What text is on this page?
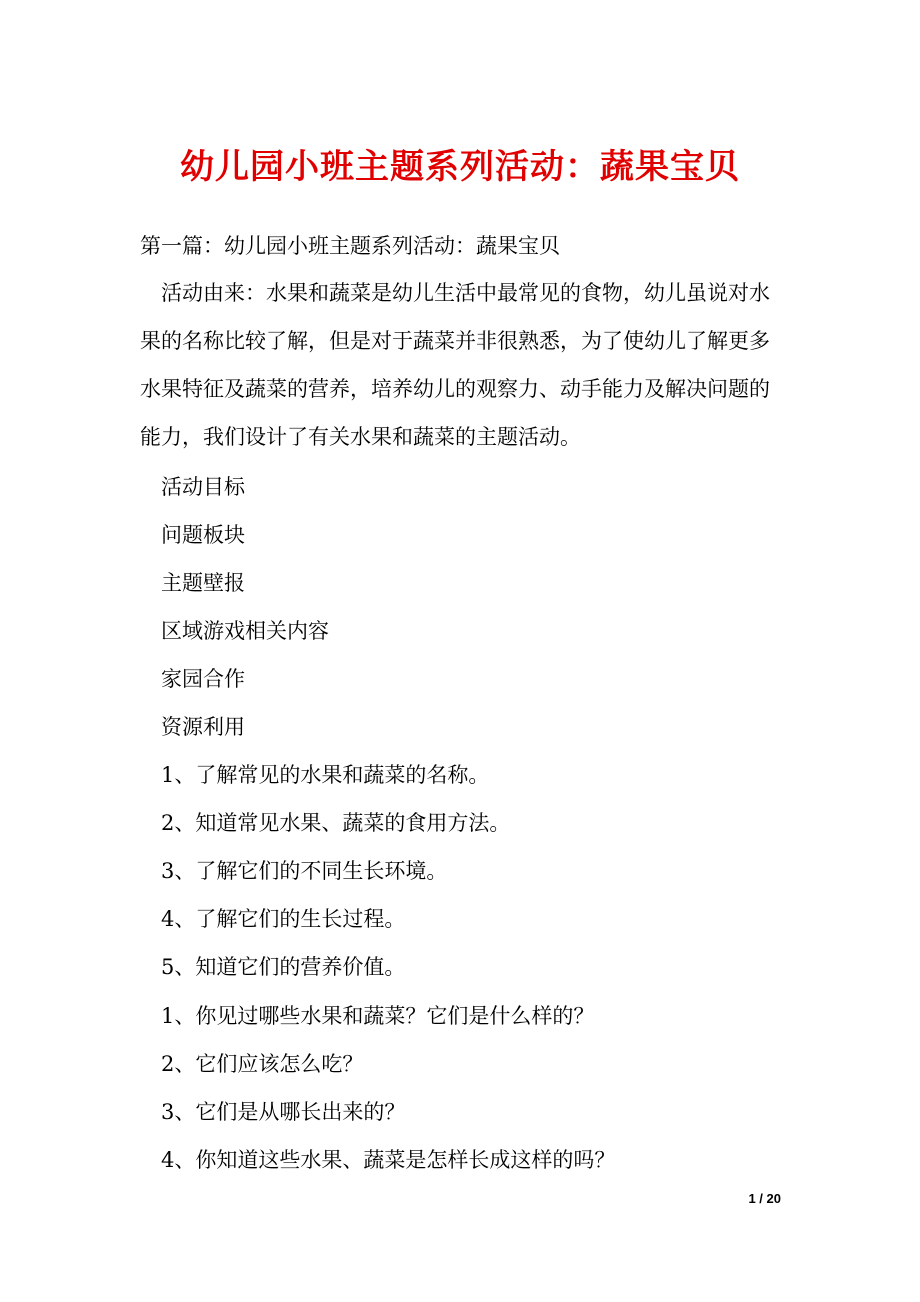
幼儿园小班主题系列活动：蔬果宝贝
第一篇：幼儿园小班主题系列活动：蔬果宝贝

活动由来：水果和蔬菜是幼儿生活中最常见的食物，幼儿虽说对水果的名称比较了解，但是对于蔬菜并非很熟悉，为了使幼儿了解更多水果特征及蔬菜的营养，培养幼儿的观察力、动手能力及解决问题的能力，我们设计了有关水果和蔬菜的主题活动。

活动目标
问题板块
主题壁报
区域游戏相关内容
家园合作
资源利用
1、了解常见的水果和蔬菜的名称。
2、知道常见水果、蔬菜的食用方法。
3、了解它们的不同生长环境。
4、了解它们的生长过程。
5、知道它们的营养价值。
1、你见过哪些水果和蔬菜？它们是什么样的？
2、它们应该怎么吃？
3、它们是从哪长出来的？
4、你知道这些水果、蔬菜是怎样长成这样的吗？
1 / 20
